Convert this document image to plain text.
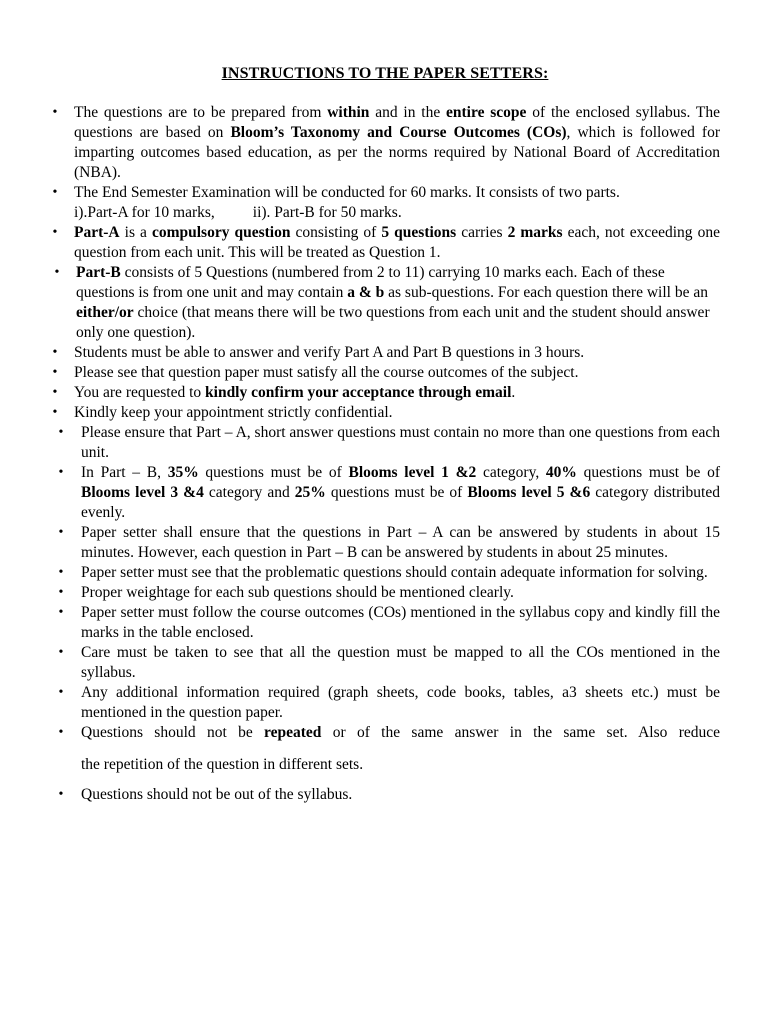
INSTRUCTIONS TO THE PAPER SETTERS:
• The questions are to be prepared from within and in the entire scope of the enclosed syllabus. The questions are based on Bloom’s Taxonomy and Course Outcomes (COs), which is followed for imparting outcomes based education, as per the norms required by National Board of Accreditation (NBA).
• The End Semester Examination will be conducted for 60 marks. It consists of two parts.
i).Part-A for 10 marks, ii). Part-B for 50 marks.
• Part-A is a compulsory question consisting of 5 questions carries 2 marks each, not exceeding one question from each unit. This will be treated as Question 1.
• Part-B consists of 5 Questions (numbered from 2 to 11) carrying 10 marks each. Each of these questions is from one unit and may contain a & b as sub-questions. For each question there will be an either/or choice (that means there will be two questions from each unit and the student should answer only one question).
• Students must be able to answer and verify Part A and Part B questions in 3 hours.
• Please see that question paper must satisfy all the course outcomes of the subject.
• You are requested to kindly confirm your acceptance through email.
• Kindly keep your appointment strictly confidential.
• Please ensure that Part – A, short answer questions must contain no more than one questions from each unit.
• In Part – B, 35% questions must be of Blooms level 1 &2 category, 40% questions must be of Blooms level 3 &4 category and 25% questions must be of Blooms level 5 &6 category distributed evenly.
• Paper setter shall ensure that the questions in Part – A can be answered by students in about 15 minutes. However, each question in Part – B can be answered by students in about 25 minutes.
• Paper setter must see that the problematic questions should contain adequate information for solving.
• Proper weightage for each sub questions should be mentioned clearly.
• Paper setter must follow the course outcomes (COs) mentioned in the syllabus copy and kindly fill the marks in the table enclosed.
• Care must be taken to see that all the question must be mapped to all the COs mentioned in the syllabus.
• Any additional information required (graph sheets, code books, tables, a3 sheets etc.) must be mentioned in the question paper.
• Questions should not be repeated or of the same answer in the same set. Also reduce
the repetition of the question in different sets.
• Questions should not be out of the syllabus.
